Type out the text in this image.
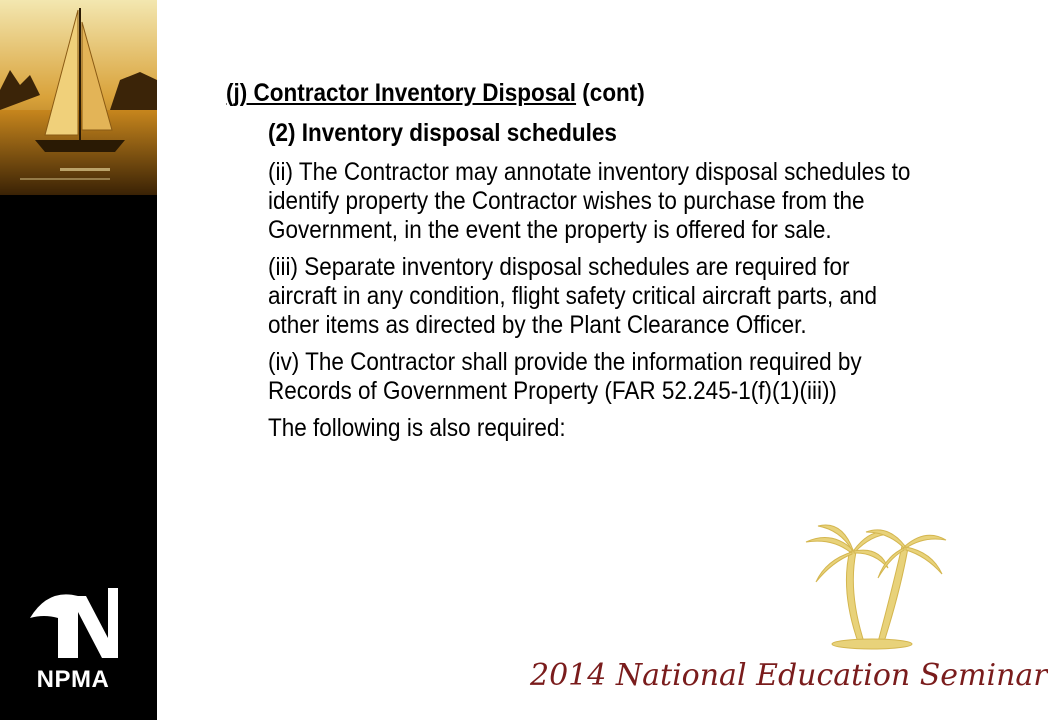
NPMA
(j) Contractor Inventory Disposal (cont)
(2) Inventory disposal schedules
(ii) The Contractor may annotate inventory disposal schedules to identify property the Contractor wishes to purchase from the Government, in the event the property is offered for sale.
(iii) Separate inventory disposal schedules are required for aircraft in any condition, flight safety critical aircraft parts, and other items as directed by the Plant Clearance Officer.
(iv) The Contractor shall provide the information required by Records of Government Property (FAR 52.245-1(f)(1)(iii))
The following is also required:
2014 National Education Seminar
